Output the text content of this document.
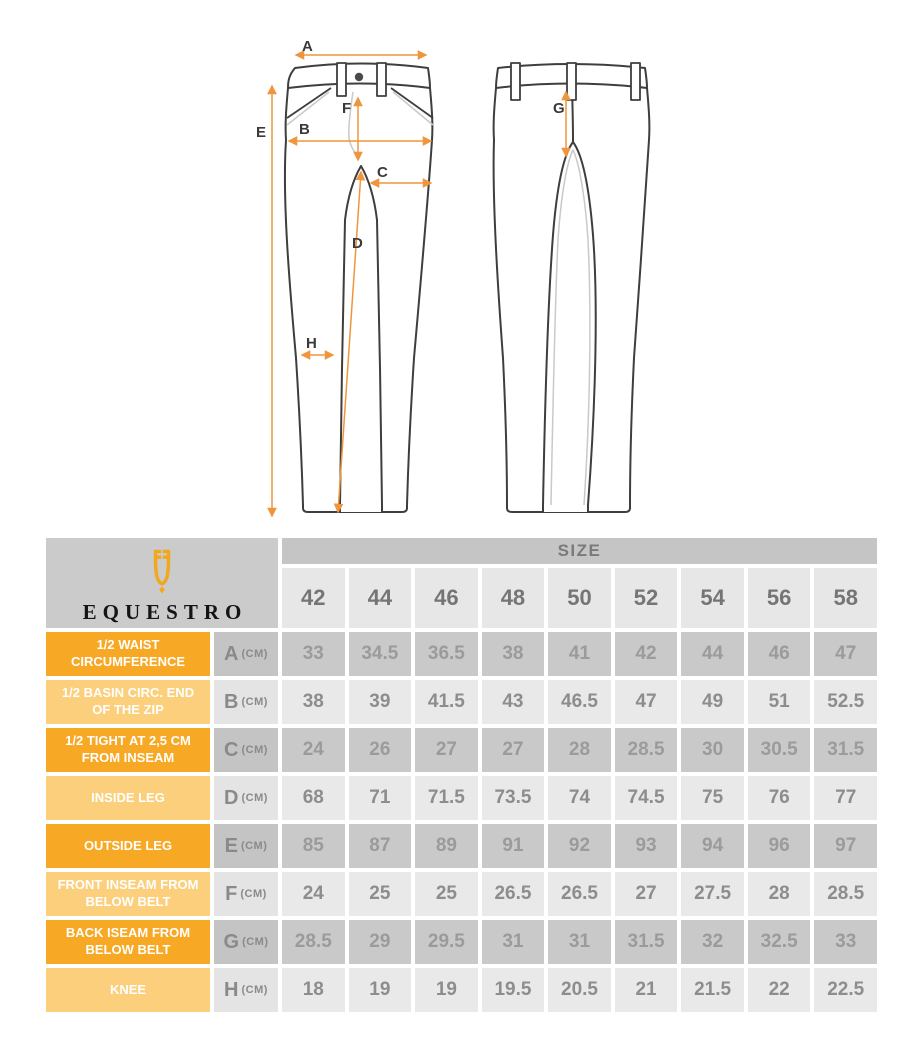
A
E B
F
C
D
H
G
EQUESTRO
SIZE
42	44	46	48	50	52	54	56	58
1/2 WAIST CIRCUMFERENCE	A (CM)	33	34.5	36.5	38	41	42	44	46	47
1/2 BASIN CIRC. END OF THE ZIP	B (CM)	38	39	41.5	43	46.5	47	49	51	52.5
1/2 TIGHT AT 2,5 CM FROM INSEAM	C (CM)	24	26	27	27	28	28.5	30	30.5	31.5
INSIDE LEG	D (CM)	68	71	71.5	73.5	74	74.5	75	76	77
OUTSIDE LEG	E (CM)	85	87	89	91	92	93	94	96	97
FRONT INSEAM FROM BELOW BELT	F (CM)	24	25	25	26.5	26.5	27	27.5	28	28.5
BACK ISEAM FROM BELOW BELT	G (CM)	28.5	29	29.5	31	31	31.5	32	32.5	33
KNEE	H (CM)	18	19	19	19.5	20.5	21	21.5	22	22.5
